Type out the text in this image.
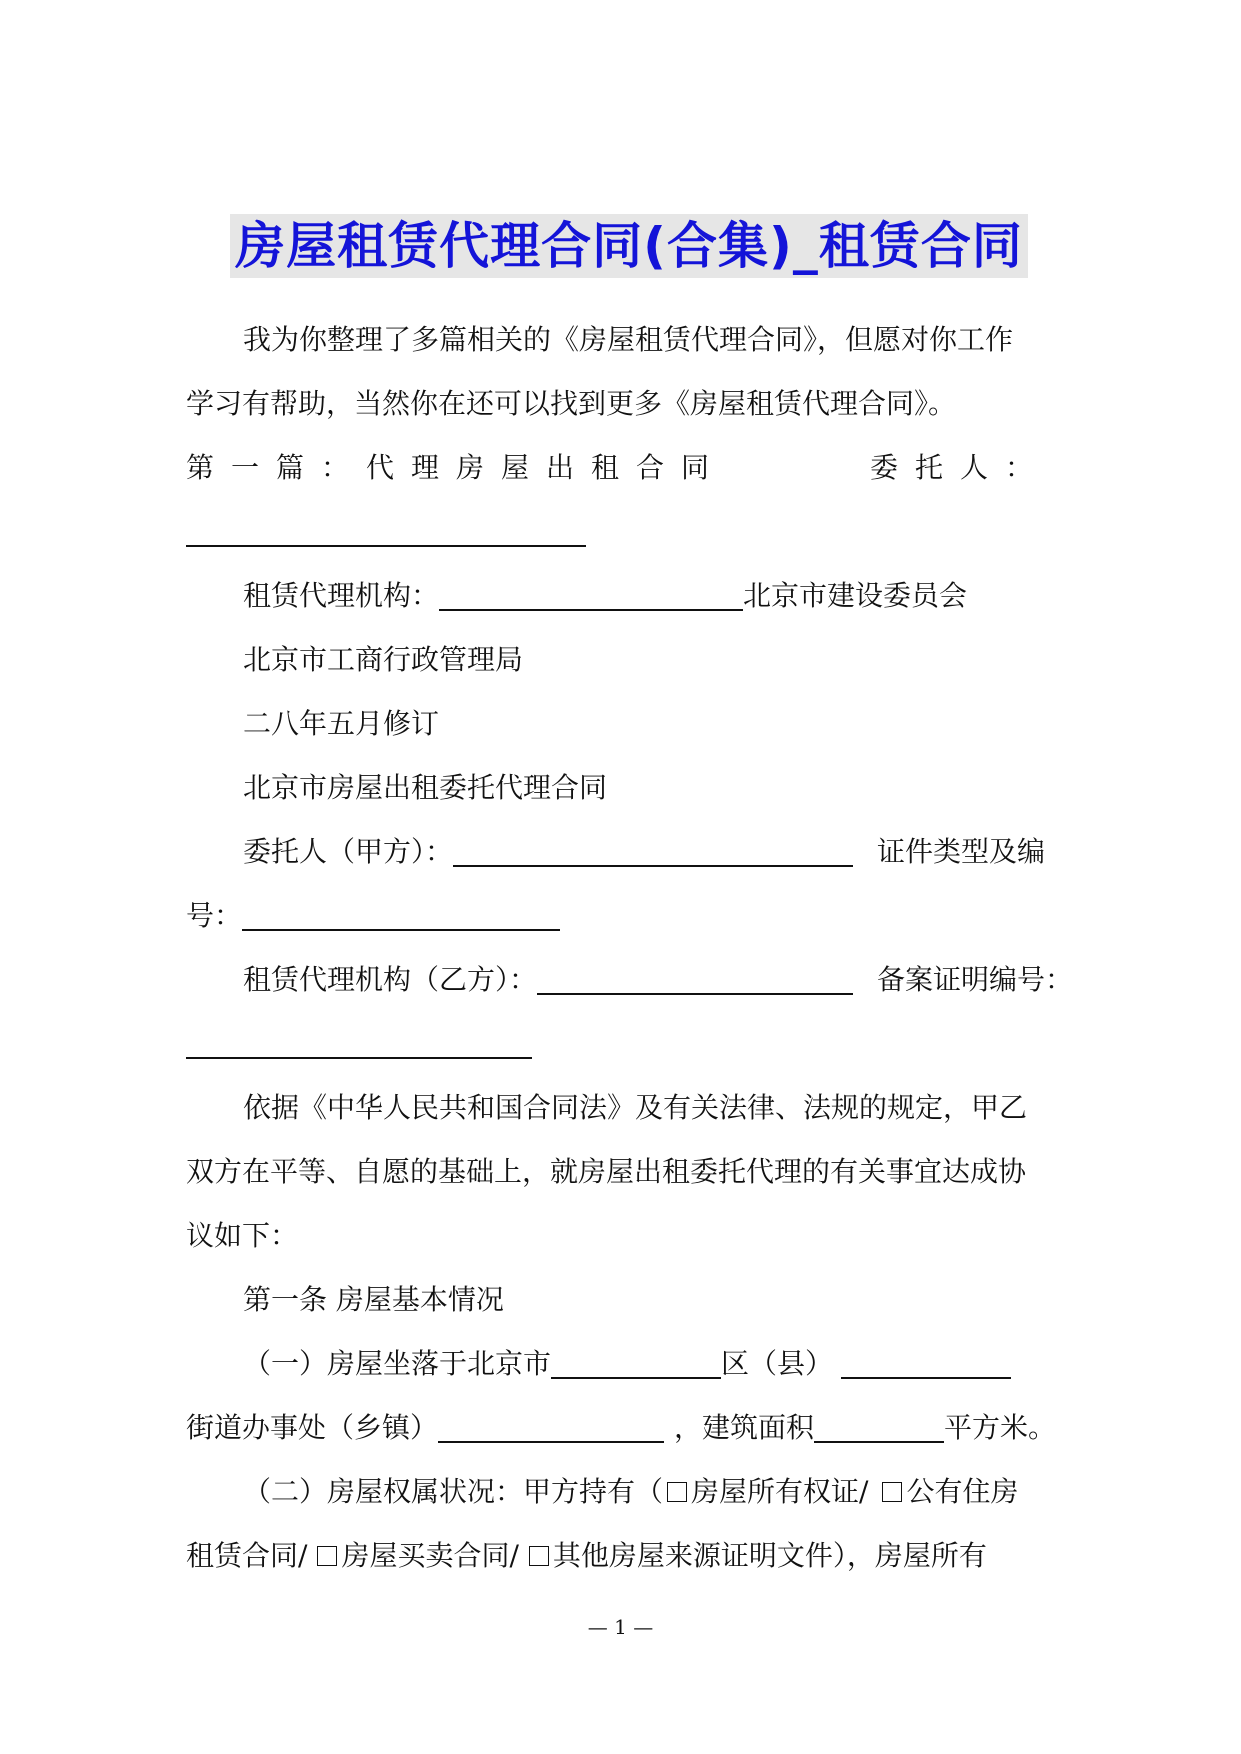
房屋租赁代理合同(合集)_租赁合同
我为你整理了多篇相关的《房屋租赁代理合同》，但愿对你工作
学习有帮助，当然你在还可以找到更多《房屋租赁代理合同》。
第一篇：代理房屋出租合同	委托人：
租赁代理机构：	北京市建设委员会
北京市工商行政管理局
二八年五月修订
北京市房屋出租委托代理合同
委托人（甲方）：	证件类型及编
号：
租赁代理机构（乙方）：	备案证明编号：
依据《中华人民共和国合同法》及有关法律、法规的规定，甲乙
双方在平等、自愿的基础上，就房屋出租委托代理的有关事宜达成协
议如下：
第一条 房屋基本情况
（一）房屋坐落于北京市	区（县）
街道办事处（乡镇）	，建筑面积	平方米。
（二）房屋权属状况：甲方持有（ 房屋所有权证/ 公有住房
租赁合同/ 房屋买卖合同/ 其他房屋来源证明文件），房屋所有
— 1 —
